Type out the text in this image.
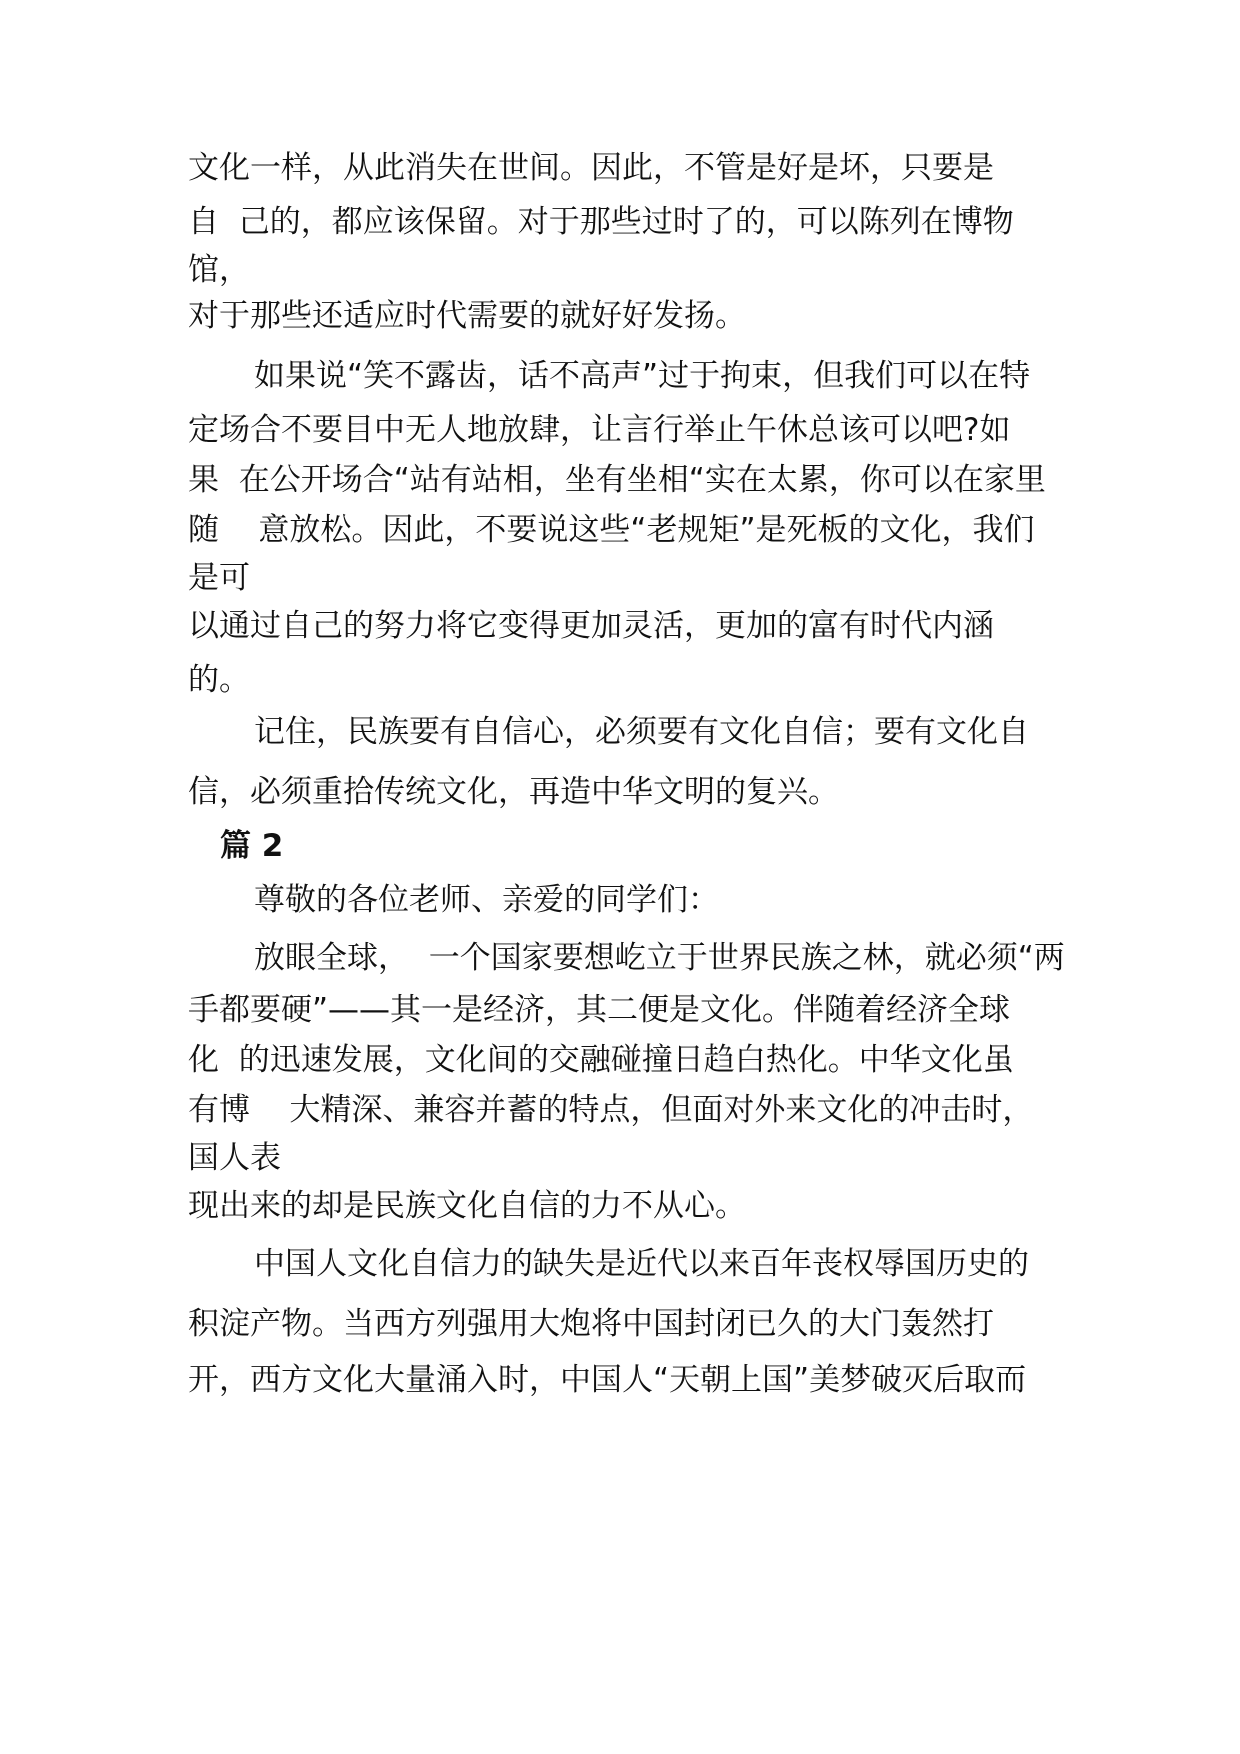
文化一样，从此消失在世间。因此，不管是好是坏，只要是
自  己的，都应该保留。对于那些过时了的，可以陈列在博物
馆，
对于那些还适应时代需要的就好好发扬。
如果说“笑不露齿，话不高声”过于拘束，但我们可以在特
定场合不要目中无人地放肆，让言行举止午休总该可以吧?如
果  在公开场合“站有站相，坐有坐相“实在太累，你可以在家里
随    意放松。因此，不要说这些“老规矩”是死板的文化，我们
是可
以通过自己的努力将它变得更加灵活，更加的富有时代内涵
的。
记住，民族要有自信心，必须要有文化自信；要有文化自
信，必须重拾传统文化，再造中华文明的复兴。
篇 2
尊敬的各位老师、亲爱的同学们：
放眼全球，  一个国家要想屹立于世界民族之林，就必须“两
手都要硬”——其一是经济，其二便是文化。伴随着经济全球
化  的迅速发展，文化间的交融碰撞日趋白热化。中华文化虽
有博    大精深、兼容并蓄的特点，但面对外来文化的冲击时，
国人表
现出来的却是民族文化自信的力不从心。
中国人文化自信力的缺失是近代以来百年丧权辱国历史的
积淀产物。当西方列强用大炮将中国封闭已久的大门轰然打
开，西方文化大量涌入时，中国人“天朝上国”美梦破灭后取而
